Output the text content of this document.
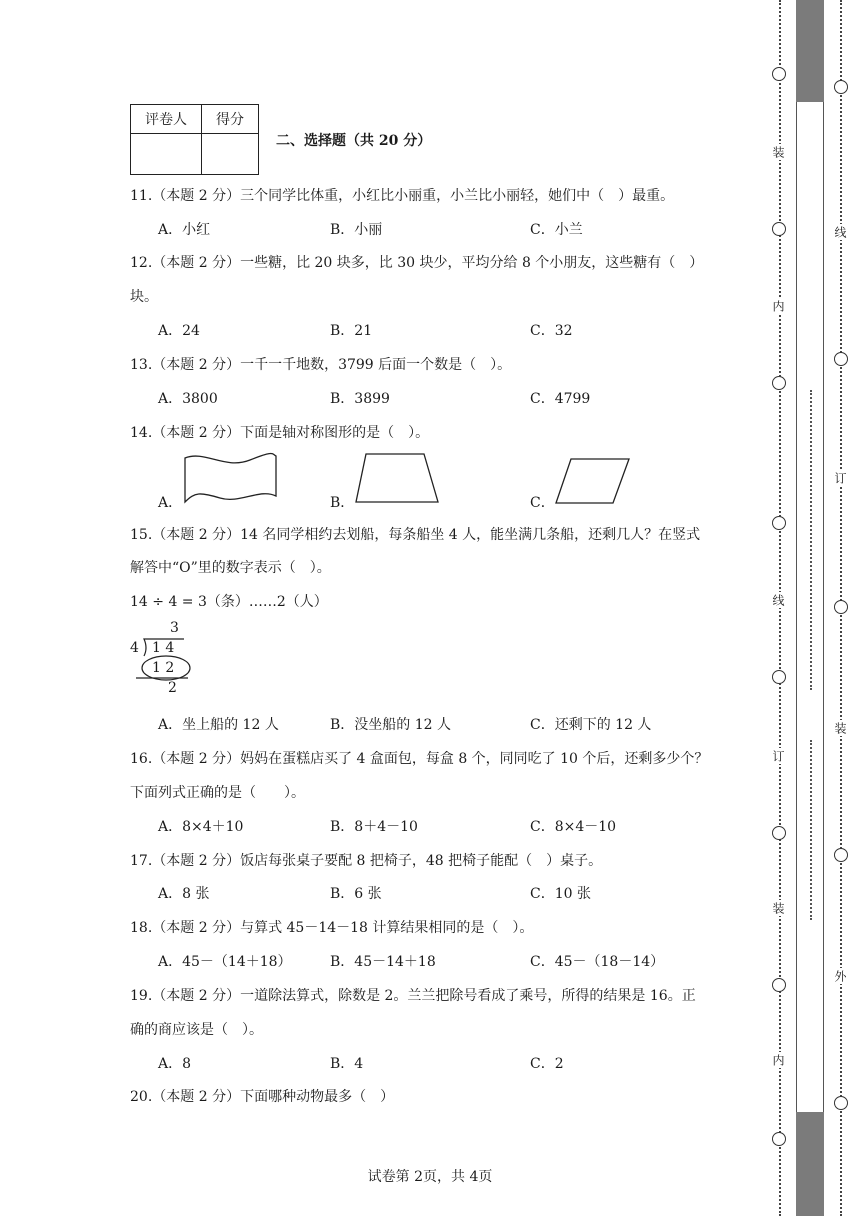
评卷人	得分

二、选择题（共 20 分）
11.（本题 2 分）三个同学比体重，小红比小丽重，小兰比小丽轻，她们中（　）最重。
A．小红	B．小丽	C．小兰
12.（本题 2 分）一些糖，比 20 块多，比 30 块少，平均分给 8 个小朋友，这些糖有（　）
块。
A．24	B．21	C．32
13.（本题 2 分）一千一千地数，3799 后面一个数是（　）。
A．3800	B．3899	C．4799
14.（本题 2 分）下面是轴对称图形的是（　）。
A．	B．	C．
15.（本题 2 分）14 名同学相约去划船，每条船坐 4 人，能坐满几条船，还剩几人？在竖式
解答中“O”里的数字表示（　）。
14 ÷ 4 = 3（条）……2（人）
3
4 1 4
1 2
2
A．坐上船的 12 人	B．没坐船的 12 人	C．还剩下的 12 人
16.（本题 2 分）妈妈在蛋糕店买了 4 盒面包，每盒 8 个，同同吃了 10 个后，还剩多少个？
下面列式正确的是（　　）。
A．8×4＋10	B．8＋4－10	C．8×4－10
17.（本题 2 分）饭店每张桌子要配 8 把椅子，48 把椅子能配（　）桌子。
A．8 张	B．6 张	C．10 张
18.（本题 2 分）与算式 45－14－18 计算结果相同的是（　）。
A．45－（14＋18）	B．45－14＋18	C．45－（18－14）
19.（本题 2 分）一道除法算式，除数是 2。兰兰把除号看成了乘号，所得的结果是 16。正
确的商应该是（　）。
A．8	B．4	C．2
20.（本题 2 分）下面哪种动物最多（　）
试卷第 2页，共 4页
装
内
线
订
装
内
线
订
装
外
